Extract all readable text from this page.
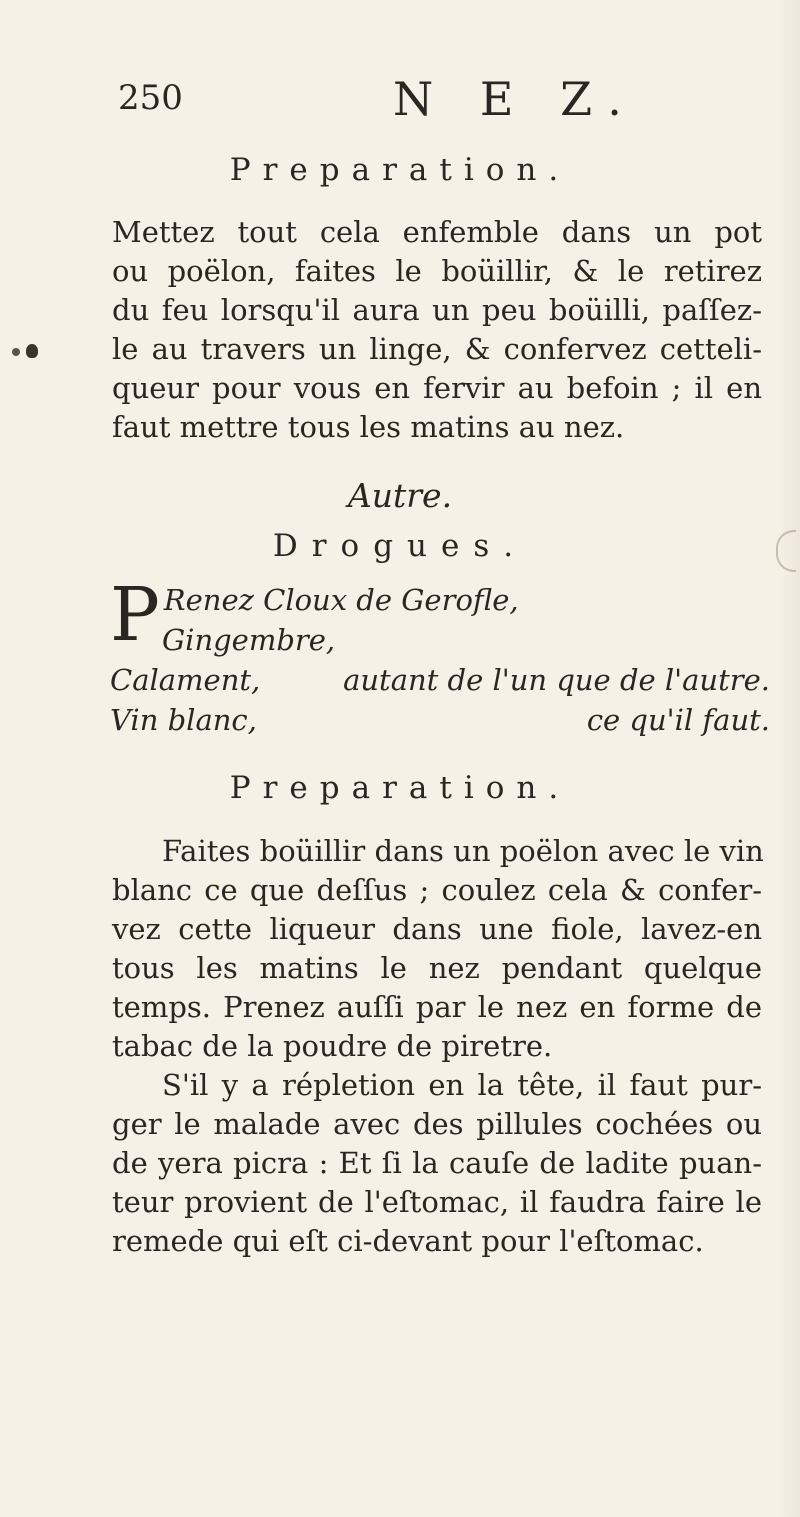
250	N E Z.
Preparation.

Mettez tout cela enfemble dans un pot

ou poëlon, faites le boüillir, & le retirez

du feu lorsqu'il aura un peu boüilli, paſſez-

le au travers un linge, & confervez cetteli-

queur pour vous en fervir au befoin ; il en

faut mettre tous les matins au nez.

Autre.
Drogues.
P Renez Cloux de Gerofle,
Gingembre,
Calament,	autant de l'un que de l'autre.
Vin blanc,	ce qu'il faut.
Preparation.

Faites boüillir dans un poëlon avec le vin

blanc ce que deſſus ; coulez cela & confer-

vez cette liqueur dans une fiole, lavez-en

tous les matins le nez pendant quelque

temps. Prenez auſſi par le nez en forme de

tabac de la poudre de piretre.

S'il y a répletion en la tête, il faut pur-

ger le malade avec des pillules cochées ou

de yera picra : Et ſi la cauſe de ladite puan-

teur provient de l'eſtomac, il faudra faire le

remede qui eſt ci-devant pour l'eſtomac.
